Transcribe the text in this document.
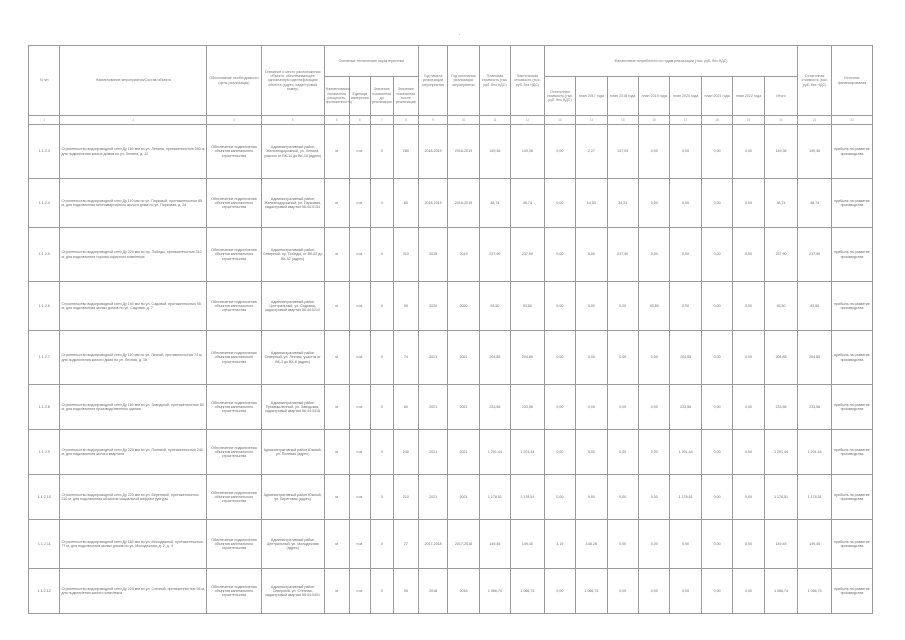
N п/п	Наименование мероприятия/Состав объекта	Обоснование необходимости (цель реализации)	Описание и место расположения объекта, обеспечивающее однозначную идентификацию объекта (адрес, кадастровый номер)	Основные технические характеристики				Год начала реализации мероприятия	Год окончания реализации мероприятия	Плановая стоимость (тыс. руб. без НДС)	Фактическая стоимость (тыс. руб. без НДС)	Финансовые потребности по годам реализации (тыс. руб. без НДС)								Остаточная стоимость (тыс. руб. без НДС)	Источник финансирования
				Наименование показателя (мощность, протяженность)	Единица измерения	Значение показателя до реализации	Значение показателя после реализации					Остаточная стоимость (тыс. руб. без НДС)	план 2017 года	план 2018 года	план 2019 года	план 2020 года	план 2021 года	план 2022 года	Итого		
1	2	3	4	5	6	7	8	9	10	11	12	13	14	15	16	17	18	19	20	21	22
1.1.2.3	Строительство водопроводной сети Ду 160 мм по ул. Ленина, протяженностью 280 м, для подключения жилых домов по ул. Ленина, д. 12	Обеспечение подключения объектов капитального строительства	Административный район Железнодорожный, ул. Ленина, участок от ВК-14 до ВК-18 (адрес)	м	п.м.	0	280	2018-2019	2018-2019	149,36	149,36	0,00	2,27	147,09	0,00	0,00	0,00	0,00	149,36	149,36	прибыль на развитие производства
1.1.2.4	Строительство водопроводной сети Ду 110 мм по ул. Парковой, протяженностью 85 м, для подключения многоквартирного жилого дома по ул. Парковая, д. 24	Обеспечение подключения объектов капитального строительства	Административный район Железнодорожный, ул. Парковая, кадастровый квартал 56:44:0134	м	п.м.	0	85	2018-2019	2018-2019	48,74	48,74	0,00	14,53	34,21	0,00	0,00	0,00	0,00	48,74	48,74	прибыль на развитие производства
1.1.2.5	Строительство водопроводной сети Ду 225 мм по пр. Победы, протяженностью 310 м, для подключения торгово-офисного комплекса	Обеспечение подключения объектов капитального строительства	Административный район Северный, пр. Победы, от ВК-52 до ВК-57 (адрес)	м	п.м.	0	310	2019	2019	237,90	237,90	0,00	0,00	237,90	0,00	0,00	0,00	0,00	237,90	237,90	прибыль на развитие производства
1.1.2.6	Строительство водопроводной сети Ду 160 мм по ул. Садовой, протяженностью 95 м, для подключения жилых домов по ул. Садовая, д. 7	Обеспечение подключения объектов капитального строительства	Административный район Центральный, ул. Садовая, кадастровый квартал 56:44:0210	м	п.м.	0	95	2020	2020	93,50	93,50	0,00	0,00	0,00	93,50	0,00	0,00	0,00	93,50	93,50	прибыль на развитие производства
1.1.2.7	Строительство водопроводной сети Ду 110 мм по ул. Лесной, протяженностью 74 м, для подключения жилого дома по ул. Лесная, д. 18	Обеспечение подключения объектов капитального строительства	Административный район Северный, ул. Лесная, участок от ВК-3 до ВК-6 (адрес)	м	п.м.	0	74	2021	2021	204,85	204,85	0,00	0,00	0,00	0,00	204,85	0,00	0,00	204,85	204,85	прибыль на развитие производства
1.1.2.8	Строительство водопроводной сети Ду 160 мм по ул. Заводской, протяженностью 60 м, для подключения производственного здания	Обеспечение подключения объектов капитального строительства	Административный район Промышленный, ул. Заводская, кадастровый квартал 56:44:0318	м	п.м.	0	60	2021	2021	233,56	233,56	0,00	0,00	0,00	0,00	233,56	0,00	0,00	233,56	233,56	прибыль на развитие производства
1.1.2.9	Строительство водопроводной сети Ду 225 мм по ул. Полевой, протяженностью 240 м, для подключения жилого квартала	Обеспечение подключения объектов капитального строительства	Административный район Южный, ул. Полевая (адрес)	м	п.м.	0	240	2021	2021	1 201,44	1 201,44	0,00	0,00	0,00	0,00	1 201,44	0,00	0,00	1 201,44	1 201,44	прибыль на развитие производства
1.1.2.10	Строительство водопроводной сети Ду 225 мм по ул. Береговой, протяженностью 210 м, для подключения объектов социальной инфраструктуры	Обеспечение подключения объектов капитального строительства	Административный район Южный, ул. Береговая (адрес)	м	п.м.	0	210	2021	2021	1 178,51	1 178,51	0,00	0,00	0,00	0,00	1 178,51	0,00	0,00	1 178,51	1 178,51	прибыль на развитие производства
1.1.2.11	Строительство водопроводной сети Ду 160 мм по ул. Молодежной, протяженностью 77 м, для подключения жилых домов по ул. Молодежная, д. 2, д. 4	Обеспечение подключения объектов капитального строительства	Административный район Центральный, ул. Молодежная (адрес)	м	п.м.	0	77	2017-2018	2017-2018	149,45	149,45	1,19	148,26	0,00	0,00	0,00	0,00	0,00	149,45	149,45	прибыль на развитие производства
1.1.2.12	Строительство водопроводной сети Ду 225 мм по ул. Степной, протяженностью 95 м, для подключения жилого комплекса	Обеспечение подключения объектов капитального строительства	Административный район Северный, ул. Степная, кадастровый квартал 56:44:0401	м	п.м.	0	95	2018	2018	1 066,74	1 066,74	0,00	1 066,74	0,00	0,00	0,00	0,00	0,00	1 066,74	1 066,74	прибыль на развитие производства
